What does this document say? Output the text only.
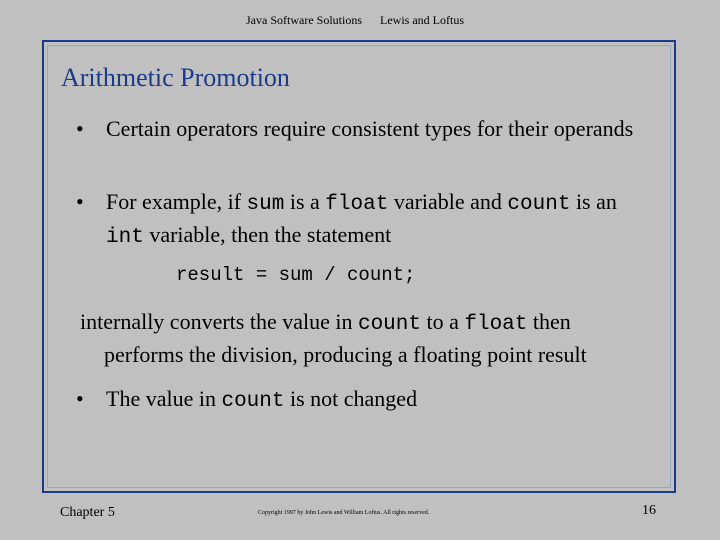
Java Software Solutions Lewis and Loftus
Arithmetic Promotion
•	Certain operators require consistent types for their operands
•	For example, if sum is a float variable and count is an int variable, then the statement
result = sum / count;
internally converts the value in count to a float then
performs the division, producing a floating point result
•	The value in count is not changed
Chapter 5	Copyright 1997 by John Lewis and William Loftus. All rights reserved.	16
